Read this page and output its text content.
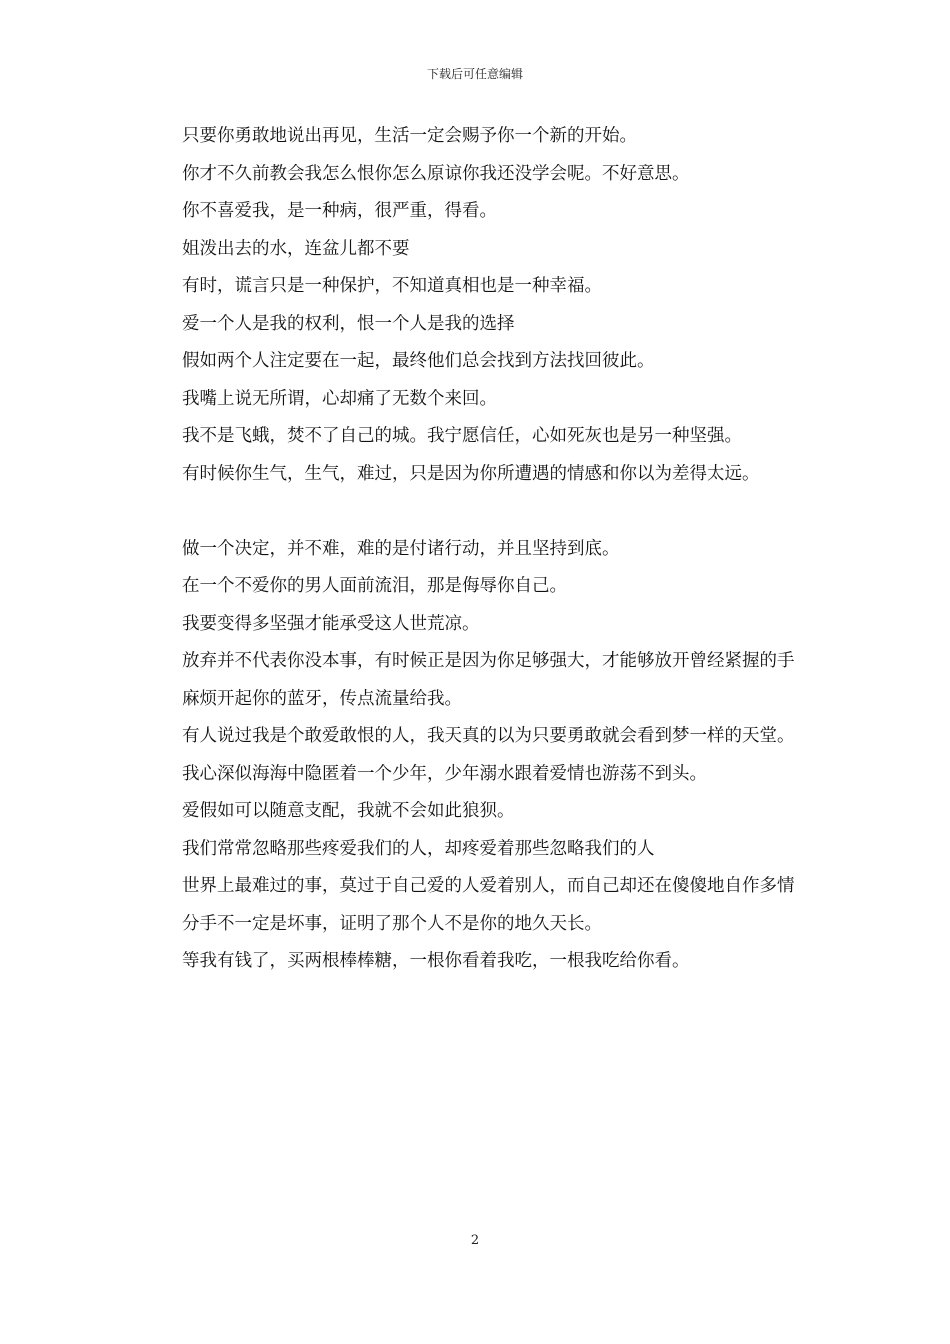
下载后可任意编辑

只要你勇敢地说出再见，生活一定会赐予你一个新的开始。

你才不久前教会我怎么恨你怎么原谅你我还没学会呢。不好意思。

你不喜爱我，是一种病，很严重，得看。

姐泼出去的水，连盆儿都不要

有时，谎言只是一种保护，不知道真相也是一种幸福。

爱一个人是我的权利，恨一个人是我的选择

假如两个人注定要在一起，最终他们总会找到方法找回彼此。

我嘴上说无所谓，心却痛了无数个来回。

我不是飞蛾，焚不了自己的城。我宁愿信任，心如死灰也是另一种坚强。

有时候你生气，生气，难过，只是因为你所遭遇的情感和你以为差得太远。

做一个决定，并不难，难的是付诸行动，并且坚持到底。

在一个不爱你的男人面前流泪，那是侮辱你自己。

我要变得多坚强才能承受这人世荒凉。

放弃并不代表你没本事，有时候正是因为你足够强大，才能够放开曾经紧握的手

麻烦开起你的蓝牙，传点流量给我。

有人说过我是个敢爱敢恨的人，我天真的以为只要勇敢就会看到梦一样的天堂。

我心深似海海中隐匿着一个少年，少年溺水跟着爱情也游荡不到头。

爱假如可以随意支配，我就不会如此狼狈。

我们常常忽略那些疼爱我们的人，却疼爱着那些忽略我们的人

世界上最难过的事，莫过于自己爱的人爱着别人，而自己却还在傻傻地自作多情

分手不一定是坏事，证明了那个人不是你的地久天长。

等我有钱了，买两根棒棒糖，一根你看着我吃，一根我吃给你看。

2
